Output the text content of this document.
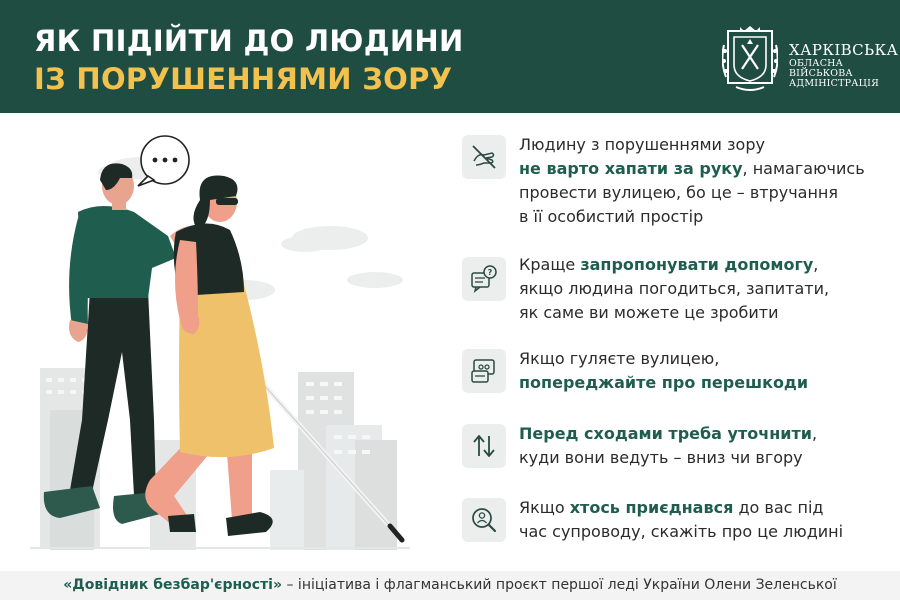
ЯК ПІДІЙТИ ДО ЛЮДИНИ
ІЗ ПОРУШЕННЯМИ ЗОРУ
ХАРКІВСЬКА
ОБЛАСНА ВІЙСЬКОВА
АДМІНІСТРАЦІЯ
Людину з порушеннями зору
не варто хапати за руку, намагаючись
провести вулицею, бо це – втручання
в її особистий простір
? Краще запропонувати допомогу,
якщо людина погодиться, запитати,
як саме ви можете це зробити
Якщо гуляєте вулицею,
попереджайте про перешкоди
Перед сходами треба уточнити,
куди вони ведуть – вниз чи вгору
Якщо хтось приєднався до вас під
час супроводу, скажіть про це людині
«Довідник безбар'єрності» – ініціатива і флагманський проєкт першої леді України Олени Зеленської
